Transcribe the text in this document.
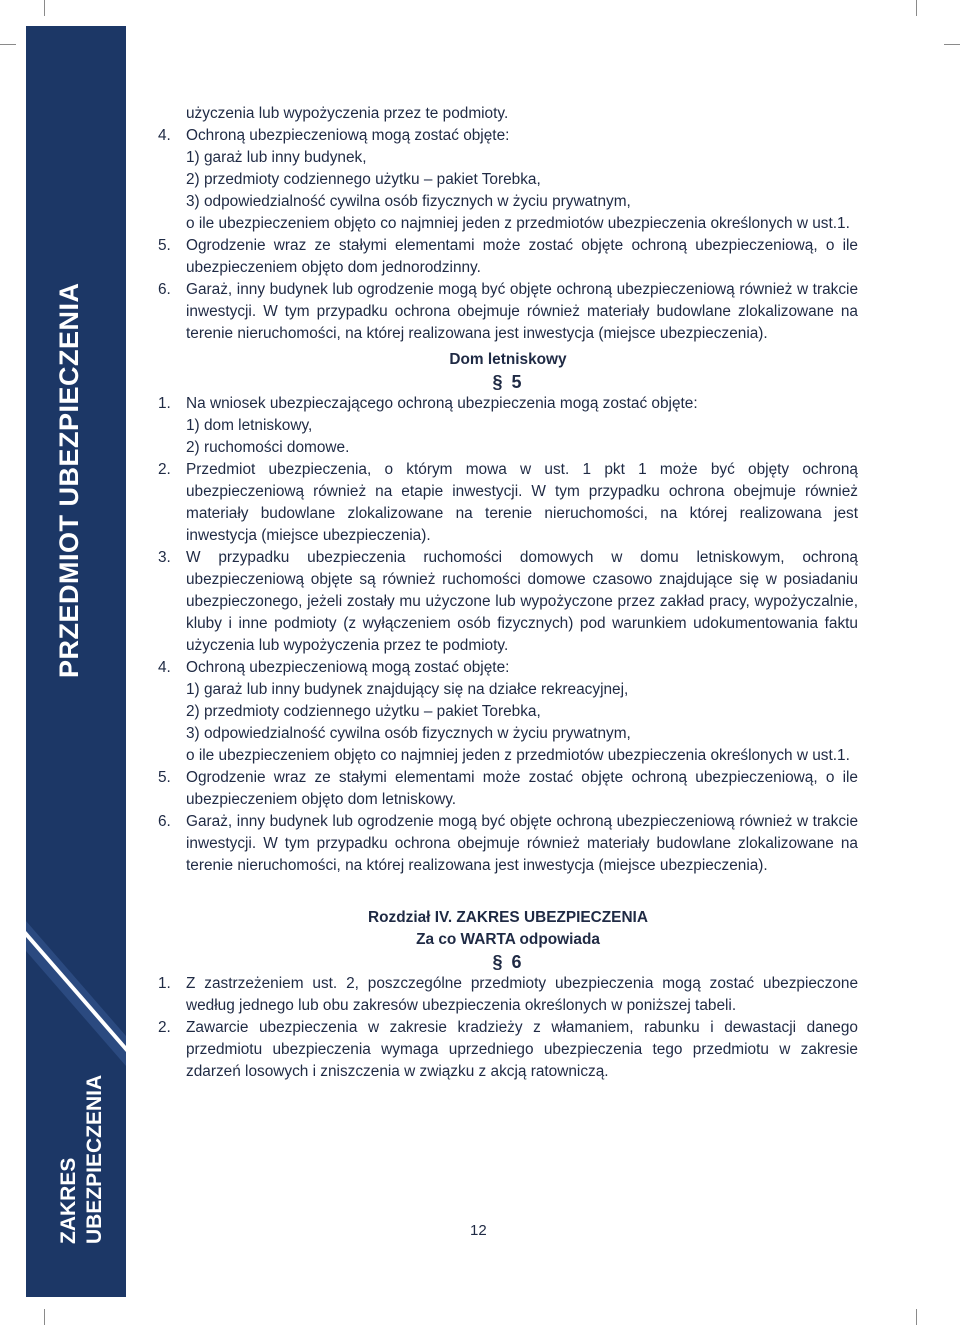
PRZEDMIOT UBEZPIECZENIA
ZAKRES UBEZPIECZENIA
użyczenia lub wypożyczenia przez te podmioty.
4. Ochroną ubezpieczeniową mogą zostać objęte:
1) garaż lub inny budynek,
2) przedmioty codziennego użytku – pakiet Torebka,
3) odpowiedzialność cywilna osób fizycznych w życiu prywatnym,
o ile ubezpieczeniem objęto co najmniej jeden z przedmiotów ubezpieczenia określonych w ust.1.
5. Ogrodzenie wraz ze stałymi elementami może zostać objęte ochroną ubezpieczeniową, o ile ubezpieczeniem objęto dom jednorodzinny.
6. Garaż, inny budynek lub ogrodzenie mogą być objęte ochroną ubezpieczeniową również w trakcie inwestycji. W tym przypadku ochrona obejmuje również materiały budowlane zlokalizowane na terenie nieruchomości, na której realizowana jest inwestycja (miejsce ubezpieczenia).
Dom letniskowy
§ 5
1. Na wniosek ubezpieczającego ochroną ubezpieczenia mogą zostać objęte:
1) dom letniskowy,
2) ruchomości domowe.
2. Przedmiot ubezpieczenia, o którym mowa w ust. 1 pkt 1 może być objęty ochroną ubezpieczeniową również na etapie inwestycji. W tym przypadku ochrona obejmuje również materiały budowlane zlokalizowane na terenie nieruchomości, na której realizowana jest inwestycja (miejsce ubezpieczenia).
3. W przypadku ubezpieczenia ruchomości domowych w domu letniskowym, ochroną ubezpieczeniową objęte są również ruchomości domowe czasowo znajdujące się w posiadaniu ubezpieczonego, jeżeli zostały mu użyczone lub wypożyczone przez zakład pracy, wypożyczalnie, kluby i inne podmioty (z wyłączeniem osób fizycznych) pod warunkiem udokumentowania faktu użyczenia lub wypożyczenia przez te podmioty.
4. Ochroną ubezpieczeniową mogą zostać objęte:
1) garaż lub inny budynek znajdujący się na działce rekreacyjnej,
2) przedmioty codziennego użytku – pakiet Torebka,
3) odpowiedzialność cywilna osób fizycznych w życiu prywatnym,
o ile ubezpieczeniem objęto co najmniej jeden z przedmiotów ubezpieczenia określonych w ust.1.
5. Ogrodzenie wraz ze stałymi elementami może zostać objęte ochroną ubezpieczeniową, o ile ubezpieczeniem objęto dom letniskowy.
6. Garaż, inny budynek lub ogrodzenie mogą być objęte ochroną ubezpieczeniową również w trakcie inwestycji. W tym przypadku ochrona obejmuje również materiały budowlane zlokalizowane na terenie nieruchomości, na której realizowana jest inwestycja (miejsce ubezpieczenia).
Rozdział IV. ZAKRES UBEZPIECZENIA
Za co WARTA odpowiada
§ 6
1. Z zastrzeżeniem ust. 2, poszczególne przedmioty ubezpieczenia mogą zostać ubezpieczone według jednego lub obu zakresów ubezpieczenia określonych w poniższej tabeli.
2. Zawarcie ubezpieczenia w zakresie kradzieży z włamaniem, rabunku i dewastacji danego przedmiotu ubezpieczenia wymaga uprzedniego ubezpieczenia tego przedmiotu w zakresie zdarzeń losowych i zniszczenia w związku z akcją ratowniczą.
12
